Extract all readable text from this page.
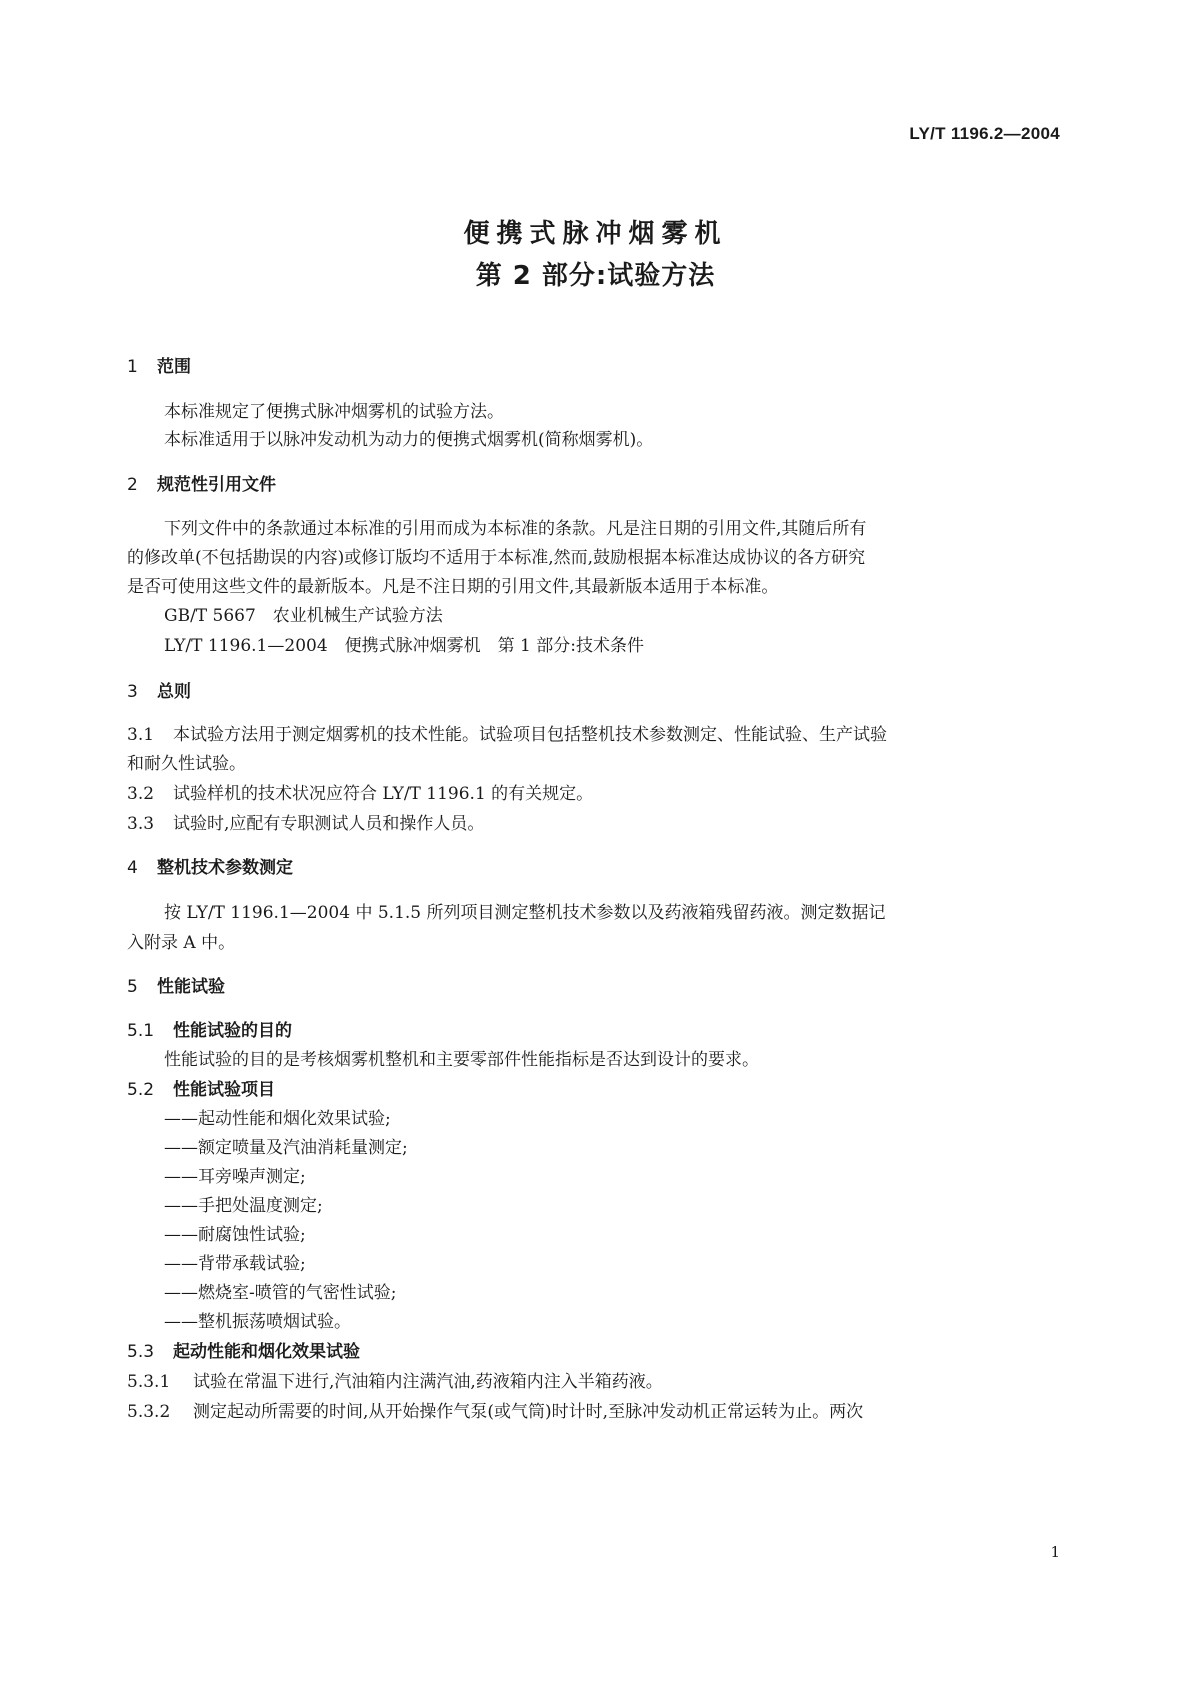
LY/T 1196.2—2004
便携式脉冲烟雾机
第 2 部分:试验方法
1 范围
本标准规定了便携式脉冲烟雾机的试验方法。
本标准适用于以脉冲发动机为动力的便携式烟雾机(简称烟雾机)。
2 规范性引用文件
下列文件中的条款通过本标准的引用而成为本标准的条款。凡是注日期的引用文件,其随后所有
的修改单(不包括勘误的内容)或修订版均不适用于本标准,然而,鼓励根据本标准达成协议的各方研究
是否可使用这些文件的最新版本。凡是不注日期的引用文件,其最新版本适用于本标准。
GB/T 5667　农业机械生产试验方法
LY/T 1196.1—2004　便携式脉冲烟雾机　第 1 部分:技术条件
3 总则
3.1 本试验方法用于测定烟雾机的技术性能。试验项目包括整机技术参数测定、性能试验、生产试验
和耐久性试验。
3.2 试验样机的技术状况应符合 LY/T 1196.1 的有关规定。
3.3 试验时,应配有专职测试人员和操作人员。
4 整机技术参数测定
按 LY/T 1196.1—2004 中 5.1.5 所列项目测定整机技术参数以及药液箱残留药液。测定数据记
入附录 A 中。
5 性能试验
5.1 性能试验的目的
性能试验的目的是考核烟雾机整机和主要零部件性能指标是否达到设计的要求。
5.2 性能试验项目
——起动性能和烟化效果试验;
——额定喷量及汽油消耗量测定;
——耳旁噪声测定;
——手把处温度测定;
——耐腐蚀性试验;
——背带承载试验;
——燃烧室-喷管的气密性试验;
——整机振荡喷烟试验。
5.3 起动性能和烟化效果试验
5.3.1 试验在常温下进行,汽油箱内注满汽油,药液箱内注入半箱药液。
5.3.2 测定起动所需要的时间,从开始操作气泵(或气筒)时计时,至脉冲发动机正常运转为止。两次
1
